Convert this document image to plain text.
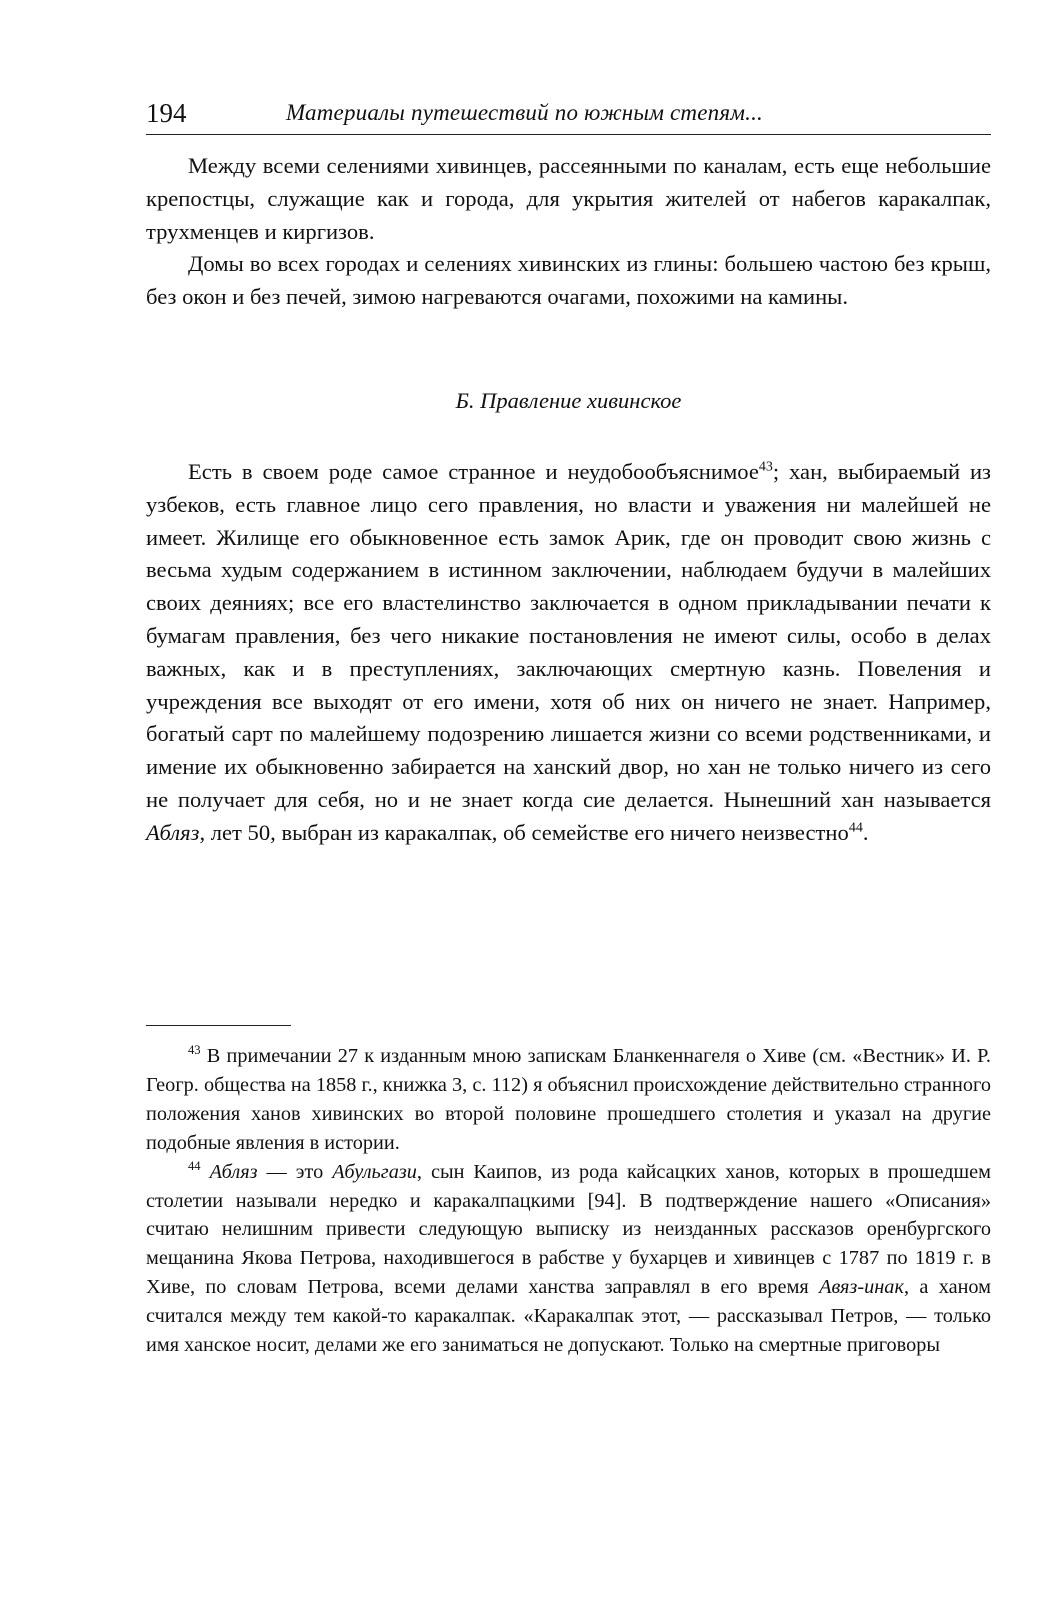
194	Материалы путешествий по южным степям...

Между всеми селениями хивинцев, рассеянными по каналам, есть еще небольшие крепостцы, служащие как и города, для укрытия жителей от набегов каракалпак, трухменцев и киргизов.

Домы во всех городах и селениях хивинских из глины: большею частою без крыш, без окон и без печей, зимою нагреваются очагами, похожими на камины.

Б. Правление хивинское

Есть в своем роде самое странное и неудобообъяснимое$^{43}$; хан, выбираемый из узбеков, есть главное лицо сего правления, но власти и уважения ни малейшей не имеет. Жилище его обыкновенное есть замок Арик, где он проводит свою жизнь с весьма худым содержанием в истинном заключении, наблюдаем будучи в малейших своих деяниях; все его властелинство заключается в одном прикладывании печати к бумагам правления, без чего никакие постановления не имеют силы, особо в делах важных, как и в преступлениях, заключающих смертную казнь. Повеления и учреждения все выходят от его имени, хотя об них он ничего не знает. Например, богатый сарт по малейшему подозрению лишается жизни со всеми родственниками, и имение их обыкновенно забирается на ханский двор, но хан не только ничего из сего не получает для себя, но и не знает когда сие делается. Нынешний хан называется Абляз, лет 50, выбран из каракалпак, об семействе его ничего неизвестно$^{44}$.

$^{43}$ В примечании 27 к изданным мною запискам Бланкеннагеля о Хиве (см. «Вестник» И. Р. Геогр. общества на 1858 г., книжка 3, с. 112) я объяснил происхождение действительно странного положения ханов хивинских во второй половине прошедшего столетия и указал на другие подобные явления в истории.

$^{44}$ Абляз — это Абульгази, сын Каипов, из рода кайсацких ханов, которых в прошедшем столетии называли нередко и каракалпацкими [94]. В подтверждение нашего «Описания» считаю нелишним привести следующую выписку из неизданных рассказов оренбургского мещанина Якова Петрова, находившегося в рабстве у бухарцев и хивинцев с 1787 по 1819 г. в Хиве, по словам Петрова, всеми делами ханства заправлял в его время Авяз-инак, а ханом считался между тем какой-то каракалпак. «Каракалпак этот, — рассказывал Петров, — только имя ханское носит, делами же его заниматься не допускают. Только на смертные приговоры
